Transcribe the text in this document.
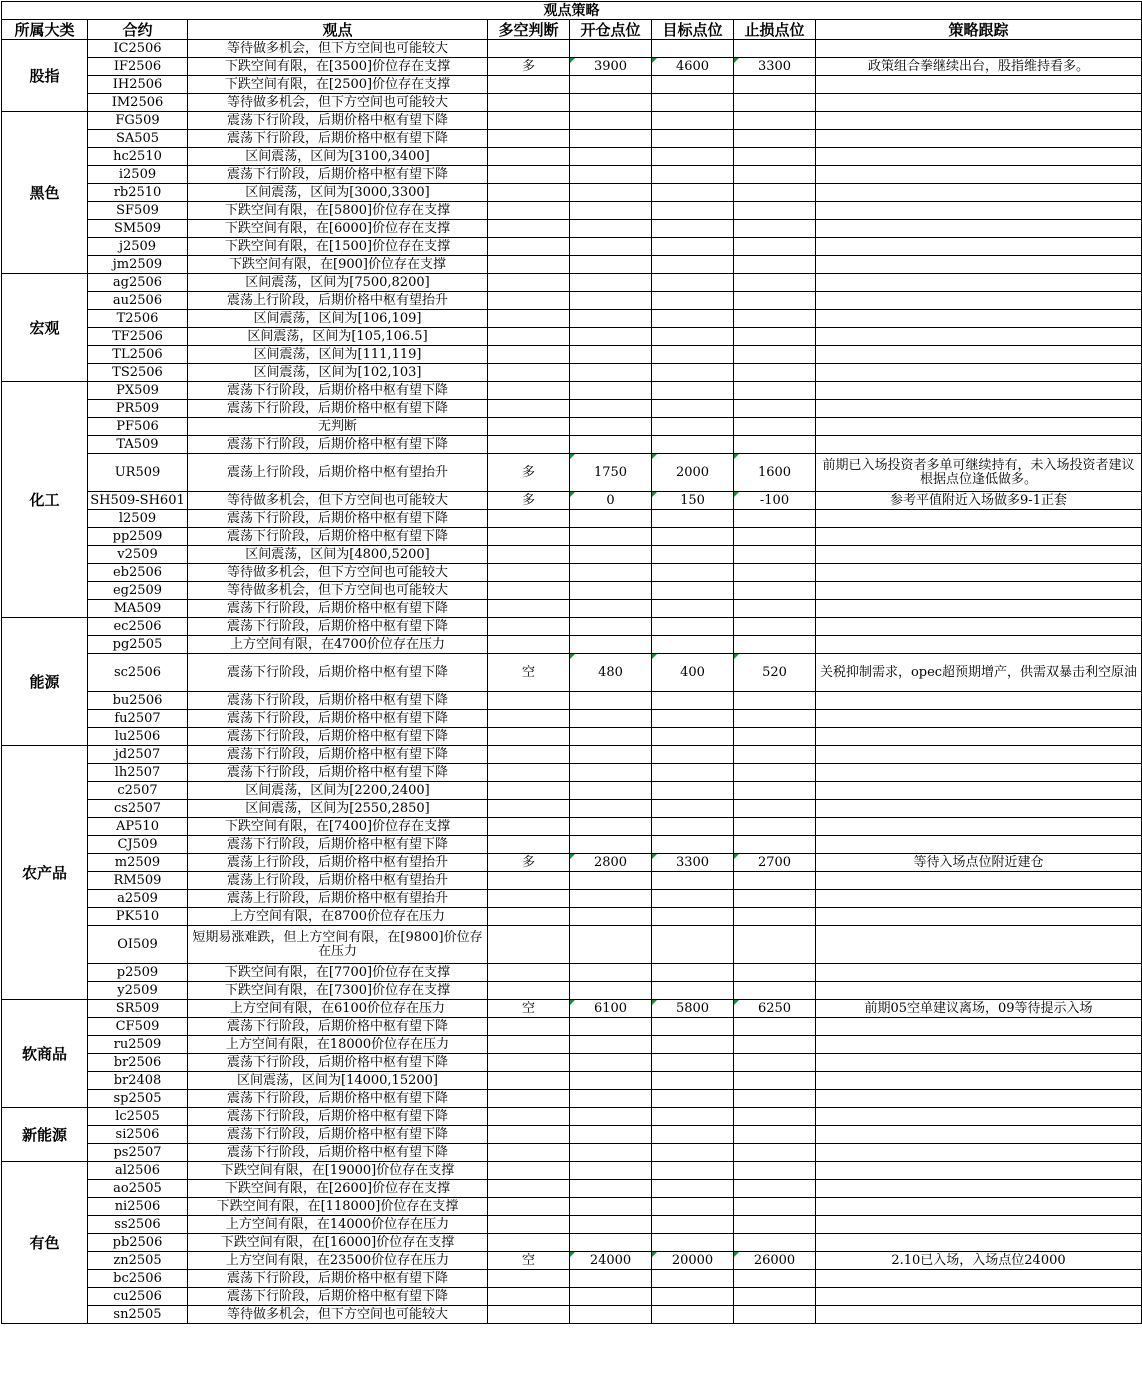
观点策略							
所属大类	合约	观点	多空判断	开仓点位	目标点位	止损点位	策略跟踪
股指	IC2506	等待做多机会，但下方空间也可能较大					
	IF2506	下跌空间有限，在[3500]价位存在支撑	多	3900	4600	3300	政策组合拳继续出台，股指维持看多。
	IH2506	下跌空间有限，在[2500]价位存在支撑					
	IM2506	等待做多机会，但下方空间也可能较大					
黑色	FG509	震荡下行阶段，后期价格中枢有望下降					
	SA505	震荡下行阶段，后期价格中枢有望下降					
	hc2510	区间震荡，区间为[3100,3400]					
	i2509	震荡下行阶段，后期价格中枢有望下降					
	rb2510	区间震荡，区间为[3000,3300]					
	SF509	下跌空间有限，在[5800]价位存在支撑					
	SM509	下跌空间有限，在[6000]价位存在支撑					
	j2509	下跌空间有限，在[1500]价位存在支撑					
	jm2509	下跌空间有限，在[900]价位存在支撑					
宏观	ag2506	区间震荡，区间为[7500,8200]					
	au2506	震荡上行阶段，后期价格中枢有望抬升					
	T2506	区间震荡，区间为[106,109]					
	TF2506	区间震荡，区间为[105,106.5]					
	TL2506	区间震荡，区间为[111,119]					
	TS2506	区间震荡，区间为[102,103]					
化工	PX509	震荡下行阶段，后期价格中枢有望下降					
	PR509	震荡下行阶段，后期价格中枢有望下降					
	PF506	无判断					
	TA509	震荡下行阶段，后期价格中枢有望下降					
	UR509	震荡上行阶段，后期价格中枢有望抬升	多	1750	2000	1600	前期已入场投资者多单可继续持有，未入场投资者建议根据点位逢低做多。
	SH509-SH601	等待做多机会，但下方空间也可能较大	多	0	150	-100	参考平值附近入场做多9-1正套
	l2509	震荡下行阶段，后期价格中枢有望下降					
	pp2509	震荡下行阶段，后期价格中枢有望下降					
	v2509	区间震荡，区间为[4800,5200]					
	eb2506	等待做多机会，但下方空间也可能较大					
	eg2509	等待做多机会，但下方空间也可能较大					
	MA509	震荡下行阶段，后期价格中枢有望下降					
能源	ec2506	震荡下行阶段，后期价格中枢有望下降					
	pg2505	上方空间有限，在4700价位存在压力					
	sc2506	震荡下行阶段，后期价格中枢有望下降	空	480	400	520	关税抑制需求，opec超预期增产，供需双暴击利空原油
	bu2506	震荡下行阶段，后期价格中枢有望下降					
	fu2507	震荡下行阶段，后期价格中枢有望下降					
	lu2506	震荡下行阶段，后期价格中枢有望下降					
农产品	jd2507	震荡下行阶段，后期价格中枢有望下降					
	lh2507	震荡下行阶段，后期价格中枢有望下降					
	c2507	区间震荡，区间为[2200,2400]					
	cs2507	区间震荡，区间为[2550,2850]					
	AP510	下跌空间有限，在[7400]价位存在支撑					
	CJ509	震荡下行阶段，后期价格中枢有望下降					
	m2509	震荡上行阶段，后期价格中枢有望抬升	多	2800	3300	2700	等待入场点位附近建仓
	RM509	震荡上行阶段，后期价格中枢有望抬升					
	a2509	震荡上行阶段，后期价格中枢有望抬升					
	PK510	上方空间有限，在8700价位存在压力					
	OI509	短期易涨难跌，但上方空间有限，在[9800]价位存在压力					
	p2509	下跌空间有限，在[7700]价位存在支撑					
	y2509	下跌空间有限，在[7300]价位存在支撑					
软商品	SR509	上方空间有限，在6100价位存在压力	空	6100	5800	6250	前期05空单建议离场，09等待提示入场
	CF509	震荡下行阶段，后期价格中枢有望下降					
	ru2509	上方空间有限，在18000价位存在压力					
	br2506	震荡下行阶段，后期价格中枢有望下降					
	br2408	区间震荡，区间为[14000,15200]					
	sp2505	震荡下行阶段，后期价格中枢有望下降					
新能源	lc2505	震荡下行阶段，后期价格中枢有望下降					
	si2506	震荡下行阶段，后期价格中枢有望下降					
	ps2507	震荡下行阶段，后期价格中枢有望下降					
有色	al2506	下跌空间有限，在[19000]价位存在支撑					
	ao2505	下跌空间有限，在[2600]价位存在支撑					
	ni2506	下跌空间有限，在[118000]价位存在支撑					
	ss2506	上方空间有限，在14000价位存在压力					
	pb2506	下跌空间有限，在[16000]价位存在支撑					
	zn2505	上方空间有限，在23500价位存在压力	空	24000	20000	26000	2.10已入场，入场点位24000
	bc2506	震荡下行阶段，后期价格中枢有望下降					
	cu2506	震荡下行阶段，后期价格中枢有望下降					
	sn2505	等待做多机会，但下方空间也可能较大					
